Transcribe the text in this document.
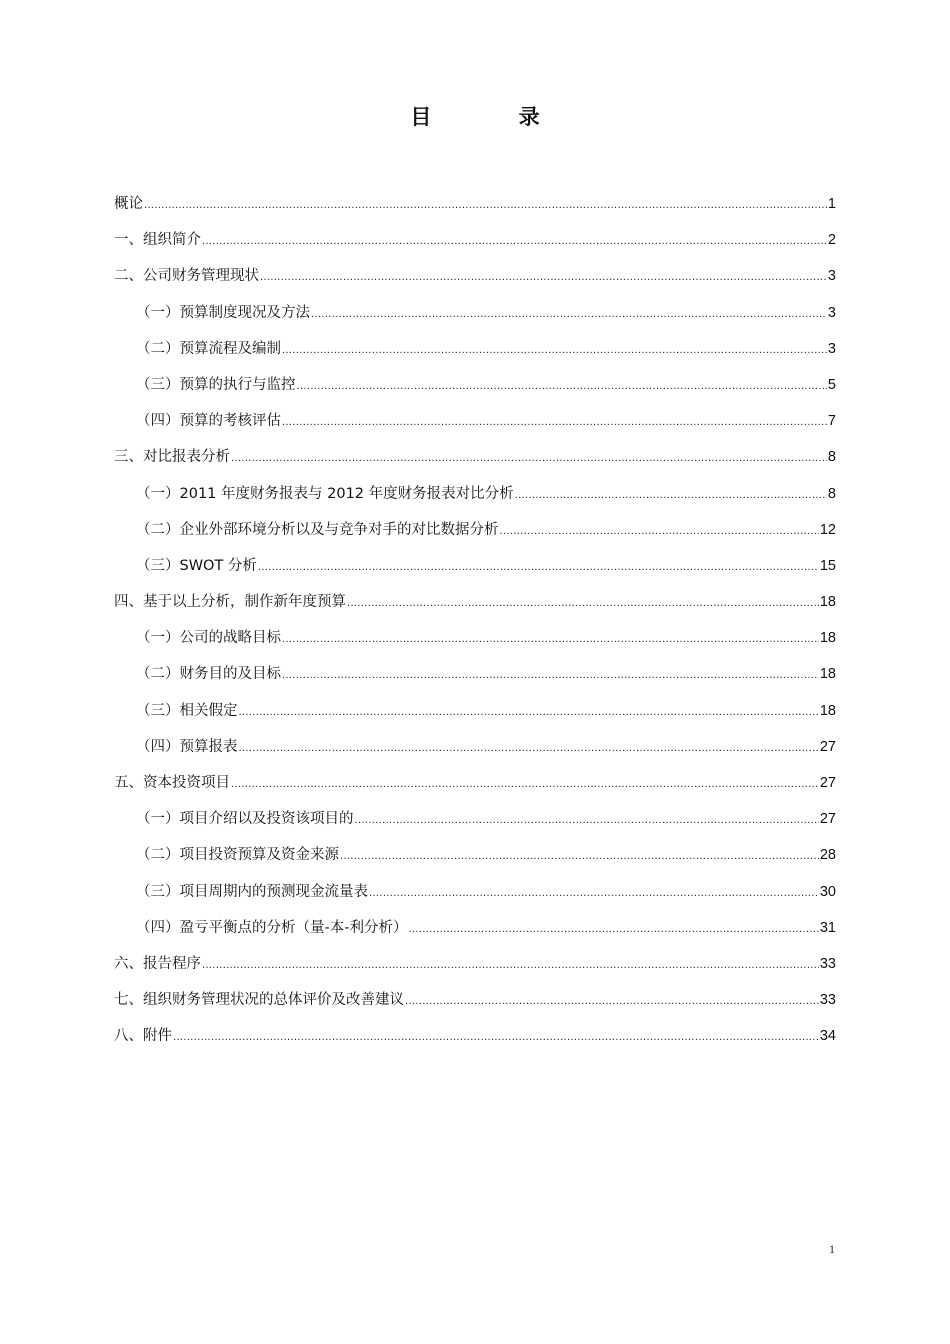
目 录
概论 .....	1
一、组织简介 .....	2
二、公司财务管理现状 .....	3
（一）预算制度现况及方法 .....	3
（二）预算流程及编制 .....	3
（三）预算的执行与监控 .....	5
（四）预算的考核评估 .....	7
三、对比报表分析 .....	8
（一）2011 年度财务报表与 2012 年度财务报表对比分析 .....	8
（二）企业外部环境分析以及与竞争对手的对比数据分析 .....	12
（三）SWOT 分析 .....	15
四、基于以上分析，制作新年度预算 .....	18
（一）公司的战略目标 .....	18
（二）财务目的及目标 .....	18
（三）相关假定 .....	18
（四）预算报表 .....	27
五、资本投资项目 .....	27
（一）项目介绍以及投资该项目的 .....	27
（二）项目投资预算及资金来源 .....	28
（三）项目周期内的预测现金流量表 .....	30
（四）盈亏平衡点的分析（量-本-利分析） .....	31
六、报告程序 .....	33
七、组织财务管理状况的总体评价及改善建议 .....	33
八、附件 .....	34
1
